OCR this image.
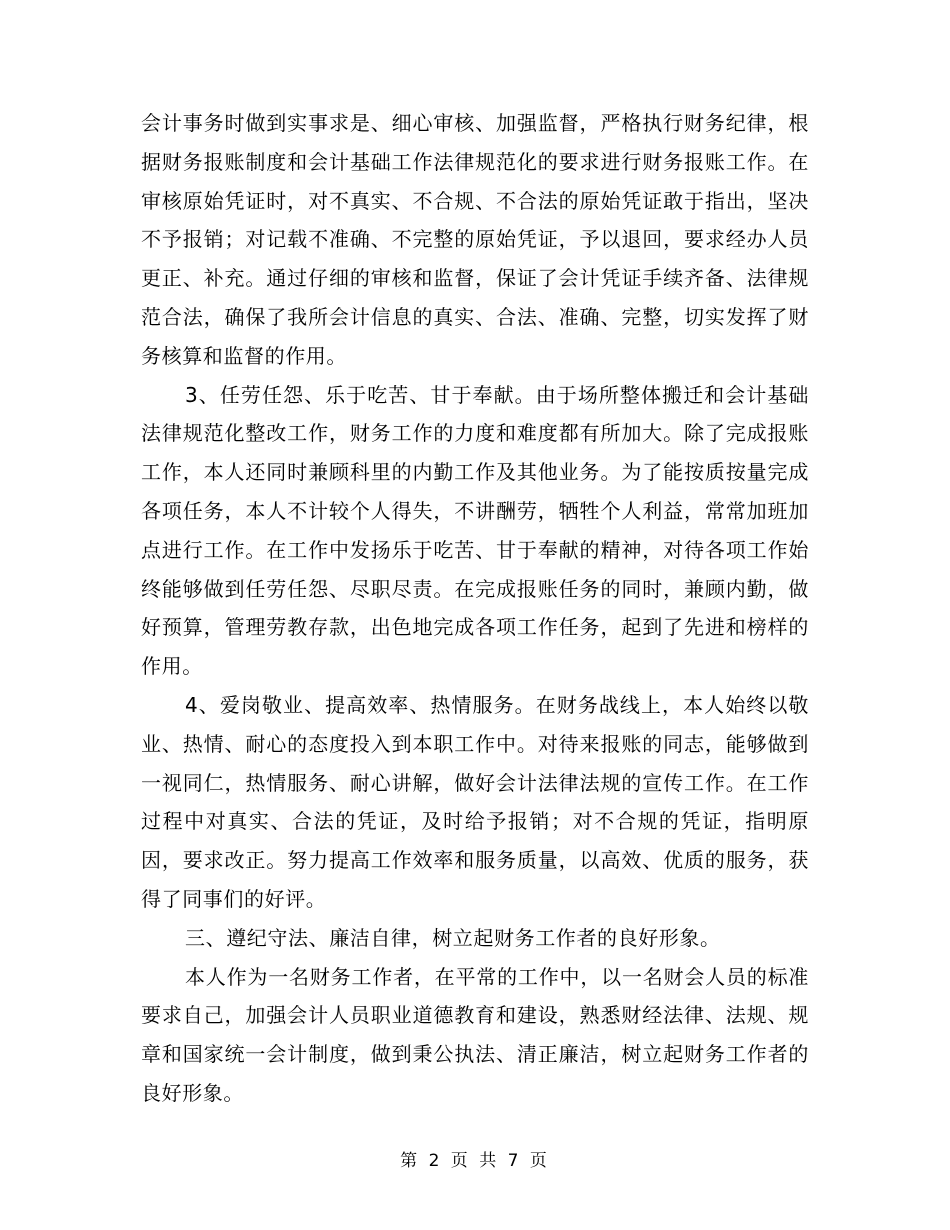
会计事务时做到实事求是、细心审核、加强监督，严格执行财务纪律，根据财务报账制度和会计基础工作法律规范化的要求进行财务报账工作。在审核原始凭证时，对不真实、不合规、不合法的原始凭证敢于指出，坚决不予报销；对记载不准确、不完整的原始凭证，予以退回，要求经办人员更正、补充。通过仔细的审核和监督，保证了会计凭证手续齐备、法律规范合法，确保了我所会计信息的真实、合法、准确、完整，切实发挥了财务核算和监督的作用。

3、任劳任怨、乐于吃苦、甘于奉献。由于场所整体搬迁和会计基础法律规范化整改工作，财务工作的力度和难度都有所加大。除了完成报账工作，本人还同时兼顾科里的内勤工作及其他业务。为了能按质按量完成各项任务，本人不计较个人得失，不讲酬劳，牺牲个人利益，常常加班加点进行工作。在工作中发扬乐于吃苦、甘于奉献的精神，对待各项工作始终能够做到任劳任怨、尽职尽责。在完成报账任务的同时，兼顾内勤，做好预算，管理劳教存款，出色地完成各项工作任务，起到了先进和榜样的作用。

4、爱岗敬业、提高效率、热情服务。在财务战线上，本人始终以敬业、热情、耐心的态度投入到本职工作中。对待来报账的同志，能够做到一视同仁，热情服务、耐心讲解，做好会计法律法规的宣传工作。在工作过程中对真实、合法的凭证，及时给予报销；对不合规的凭证，指明原因，要求改正。努力提高工作效率和服务质量，以高效、优质的服务，获得了同事们的好评。

三、遵纪守法、廉洁自律，树立起财务工作者的良好形象。

本人作为一名财务工作者，在平常的工作中，以一名财会人员的标准要求自己，加强会计人员职业道德教育和建设，熟悉财经法律、法规、规章和国家统一会计制度，做到秉公执法、清正廉洁，树立起财务工作者的良好形象。

第 2 页 共 7 页
